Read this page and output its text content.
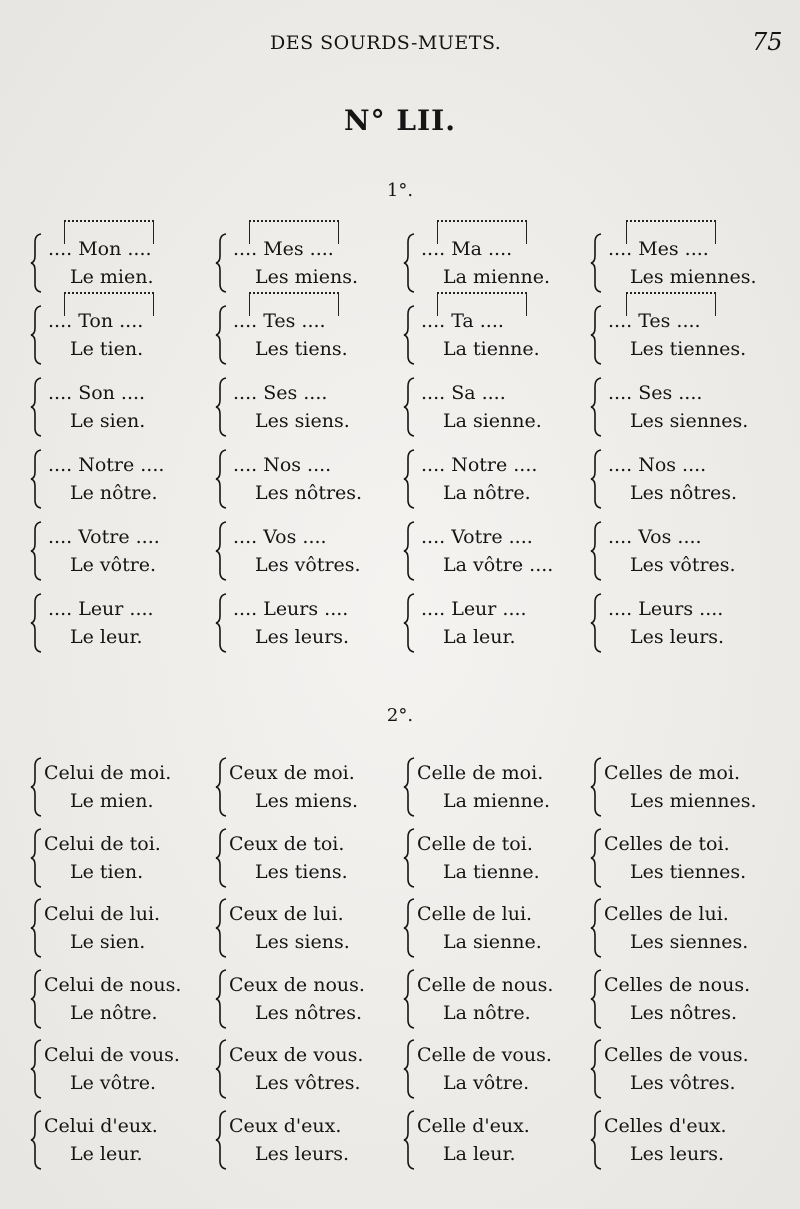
DES SOURDS-MUETS.	75
N° LII.
1°.
.... Mon ....
Le mien.
.... Mes ....
Les miens.
.... Ma ....
La mienne.
.... Mes ....
Les miennes.
.... Ton ....
Le tien.
.... Tes ....
Les tiens.
.... Ta ....
La tienne.
.... Tes ....
Les tiennes.
.... Son ....
Le sien.
.... Ses ....
Les siens.
.... Sa ....
La sienne.
.... Ses ....
Les siennes.
.... Notre ....
Le nôtre.
.... Nos ....
Les nôtres.
.... Notre ....
La nôtre.
.... Nos ....
Les nôtres.
.... Votre ....
Le vôtre.
.... Vos ....
Les vôtres.
.... Votre ....
La vôtre ....
.... Vos ....
Les vôtres.
.... Leur ....
Le leur.
.... Leurs ....
Les leurs.
.... Leur ....
La leur.
.... Leurs ....
Les leurs.
2°.
Celui de moi.
Le mien.
Ceux de moi.
Les miens.
Celle de moi.
La mienne.
Celles de moi.
Les miennes.
Celui de toi.
Le tien.
Ceux de toi.
Les tiens.
Celle de toi.
La tienne.
Celles de toi.
Les tiennes.
Celui de lui.
Le sien.
Ceux de lui.
Les siens.
Celle de lui.
La sienne.
Celles de lui.
Les siennes.
Celui de nous.
Le nôtre.
Ceux de nous.
Les nôtres.
Celle de nous.
La nôtre.
Celles de nous.
Les nôtres.
Celui de vous.
Le vôtre.
Ceux de vous.
Les vôtres.
Celle de vous.
La vôtre.
Celles de vous.
Les vôtres.
Celui d'eux.
Le leur.
Ceux d'eux.
Les leurs.
Celle d'eux.
La leur.
Celles d'eux.
Les leurs.
